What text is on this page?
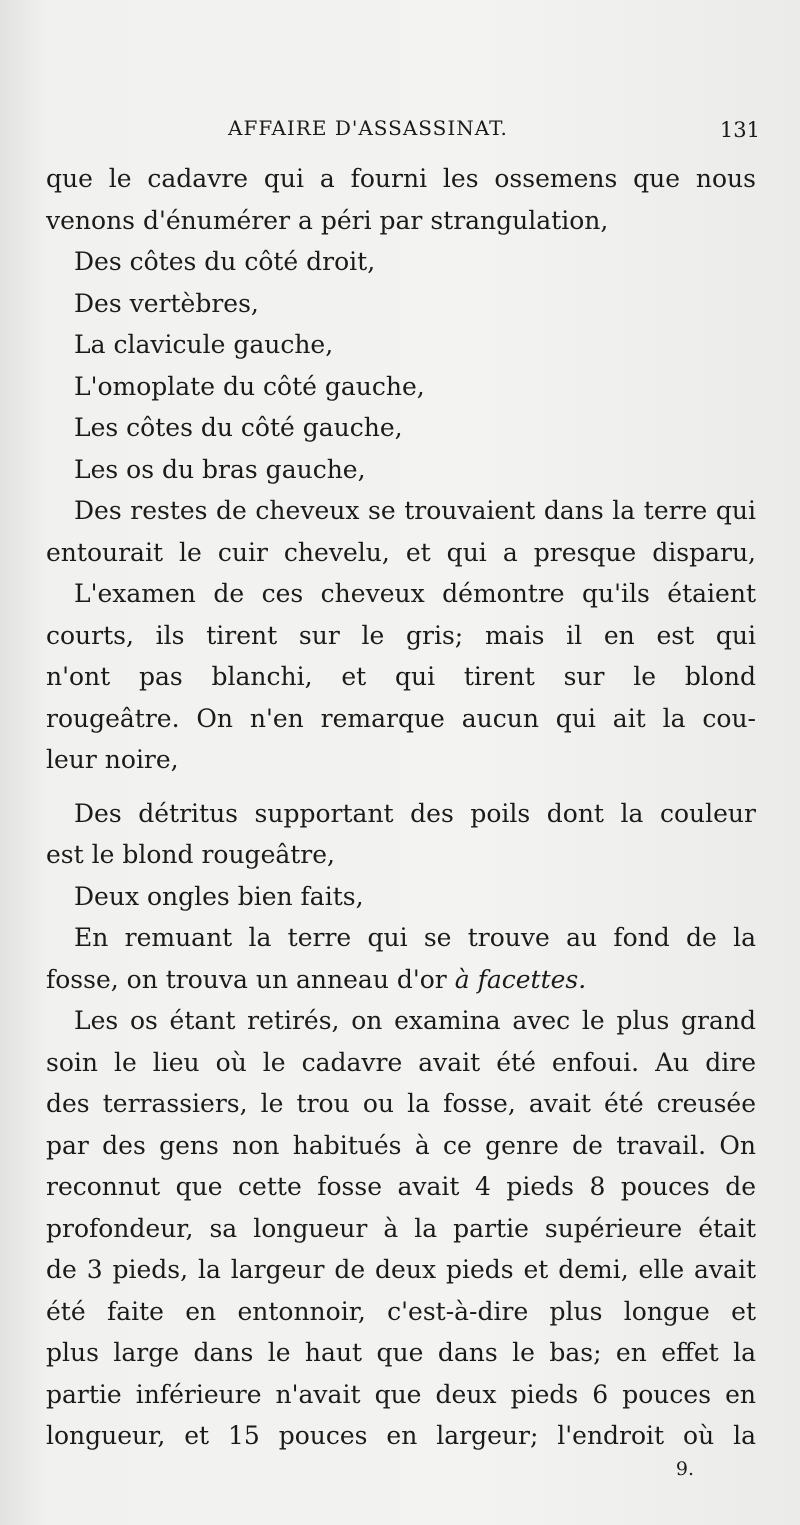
AFFAIRE D'ASSASSINAT.	131
que le cadavre qui a fourni les ossemens que nous
venons d'énumérer a péri par strangulation,
Des côtes du côté droit,
Des vertèbres,
La clavicule gauche,
L'omoplate du côté gauche,
Les côtes du côté gauche,
Les os du bras gauche,
Des restes de cheveux se trouvaient dans la terre qui
entourait le cuir chevelu, et qui a presque disparu,
L'examen de ces cheveux démontre qu'ils étaient
courts, ils tirent sur le gris; mais il en est qui
n'ont pas blanchi, et qui tirent sur le blond
rougeâtre. On n'en remarque aucun qui ait la cou-
leur noire,
Des détritus supportant des poils dont la couleur
est le blond rougeâtre,
Deux ongles bien faits,
En remuant la terre qui se trouve au fond de la
fosse, on trouva un anneau d'or à facettes.
Les os étant retirés, on examina avec le plus grand
soin le lieu où le cadavre avait été enfoui. Au dire
des terrassiers, le trou ou la fosse, avait été creusée
par des gens non habitués à ce genre de travail. On
reconnut que cette fosse avait 4 pieds 8 pouces de
profondeur, sa longueur à la partie supérieure était
de 3 pieds, la largeur de deux pieds et demi, elle avait
été faite en entonnoir, c'est-à-dire plus longue et
plus large dans le haut que dans le bas; en effet la
partie inférieure n'avait que deux pieds 6 pouces en
longueur, et 15 pouces en largeur; l'endroit où la
9.
